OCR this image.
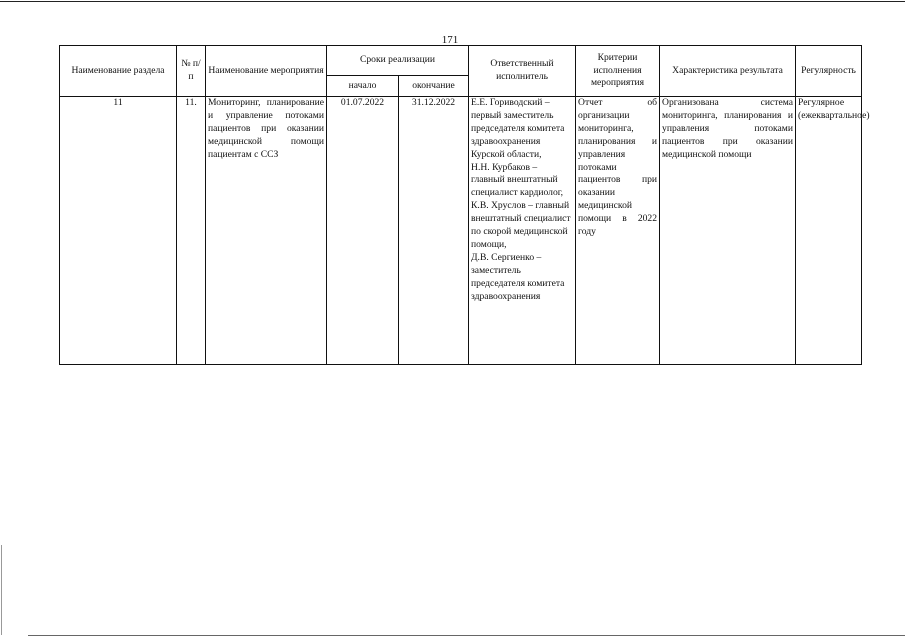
171
Наименование раздела	№ п/п	Наименование мероприятия	Сроки реализации		Ответственный исполнитель	Критерии исполнения мероприятия	Характеристика результата	Регулярность
			начало	окончание				
11	11.	Мониторинг, планирование и управление потоками пациентов при оказании медицинской помощи пациентам с ССЗ	01.07.2022	31.12.2022	Е.Е. Гориводский – первый заместитель председателя комитета здравоохранения Курской области,
Н.Н. Курбаков – главный внештатный специалист кардиолог,
К.В. Хруслов – главный внештатный специалист по скорой медицинской помощи,
Д.В. Сергиенко – заместитель председателя комитета здравоохранения	Отчет об организации мониторинга, планирования и управления потоками пациентов при оказании медицинской помощи в 2022 году	Организована система мониторинга, планирования и управления потоками пациентов при оказании медицинской помощи	Регулярное (ежеквартальное)
